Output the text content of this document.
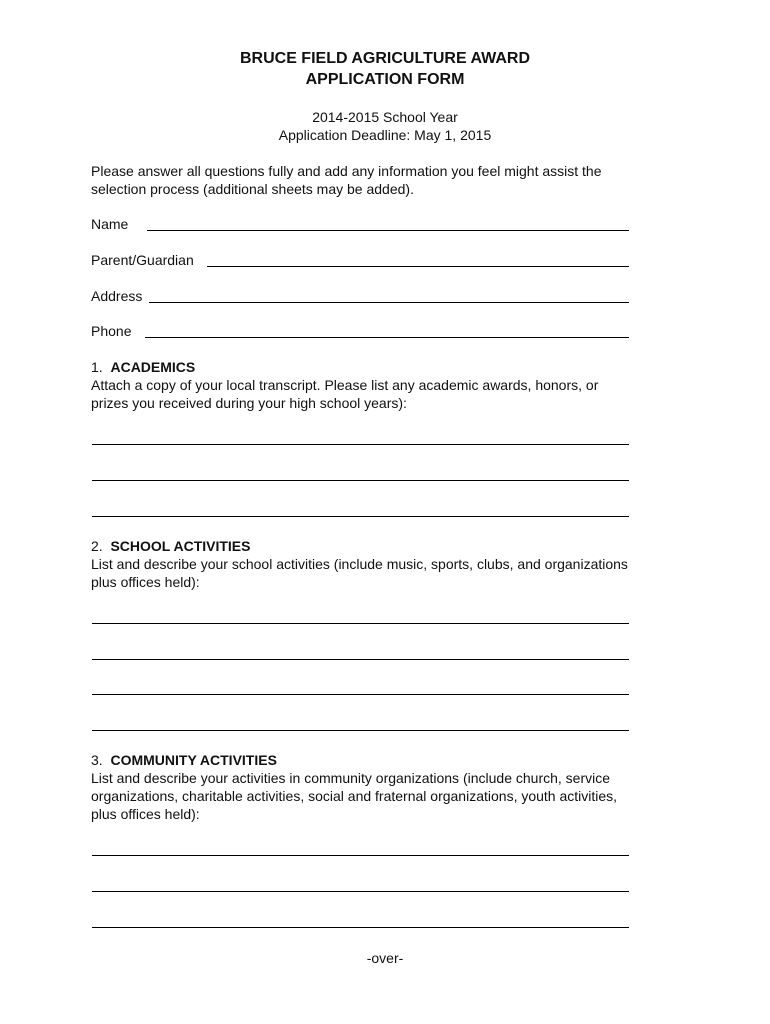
BRUCE FIELD AGRICULTURE AWARD
APPLICATION FORM
2014-2015 School Year
Application Deadline: May 1, 2015
Please answer all questions fully and add any information you feel might assist the
selection process (additional sheets may be added).
Name
Parent/Guardian
Address
Phone
1. ACADEMICS
Attach a copy of your local transcript. Please list any academic awards, honors, or
prizes you received during your high school years):
2. SCHOOL ACTIVITIES
List and describe your school activities (include music, sports, clubs, and organizations
plus offices held):
3. COMMUNITY ACTIVITIES
List and describe your activities in community organizations (include church, service
organizations, charitable activities, social and fraternal organizations, youth activities,
plus offices held):
-over-
